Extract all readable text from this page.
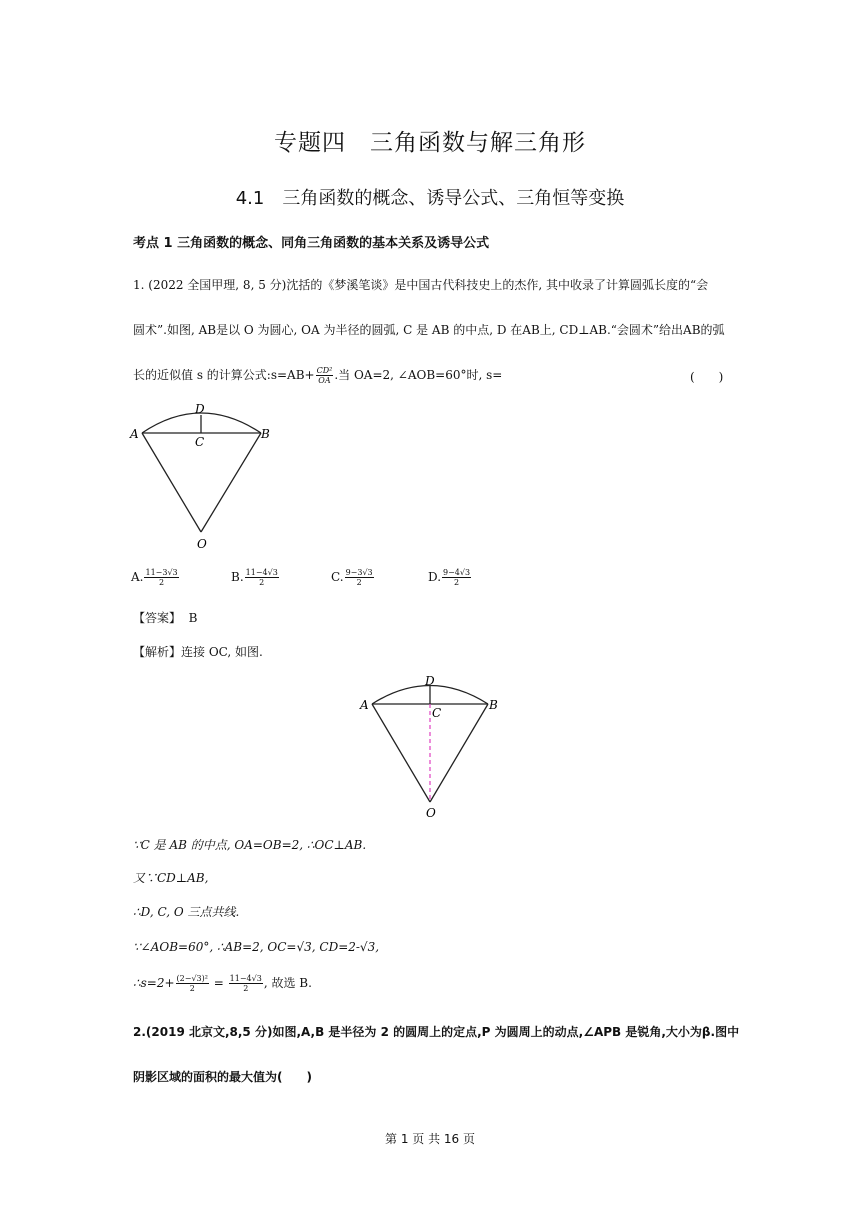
专题四　三角函数与解三角形
4.1　三角函数的概念、诱导公式、三角恒等变换
考点 1 三角函数的概念、同角三角函数的基本关系及诱导公式
1. (2022 全国甲理, 8, 5 分)沈括的《梦溪笔谈》是中国古代科技史上的杰作, 其中收录了计算圆弧长度的“会
圆术”.如图, AB是以 O 为圆心, OA 为半径的圆弧, C 是 AB 的中点, D 在AB上, CD⊥AB.“会圆术”给出AB的弧
长的近似值 s 的计算公式:s=AB+ $\frac{\text{CD²}}{OA}$ .当 OA=2, ∠AOB=60°时, s=	(　　)
A	B
C
D
O
A. $\frac{11-3√3}{2}$	B. $\frac{11-4√3}{2}$	C. $\frac{9-3√3}{2}$	D. $\frac{9-4√3}{2}$
【答案】 B
【解析】连接 OC, 如图.
A	B
C
D
O
∵C 是 AB 的中点, OA=OB=2, ∴OC⊥AB.
又∵CD⊥AB,
∴D, C, O 三点共线.
∵∠AOB=60°, ∴AB=2, OC=√3, CD=2-√3,
∴s=2+ $\frac{\text{(2−√3)²}}{2} = \frac{11-4√3}{2}$ , 故选 B.
2.(2019 北京文,8,5 分)如图,A,B 是半径为 2 的圆周上的定点,P 为圆周上的动点,∠APB 是锐角,大小为β.图中
阴影区域的面积的最大值为(　　)
第 1 页 共 16 页
